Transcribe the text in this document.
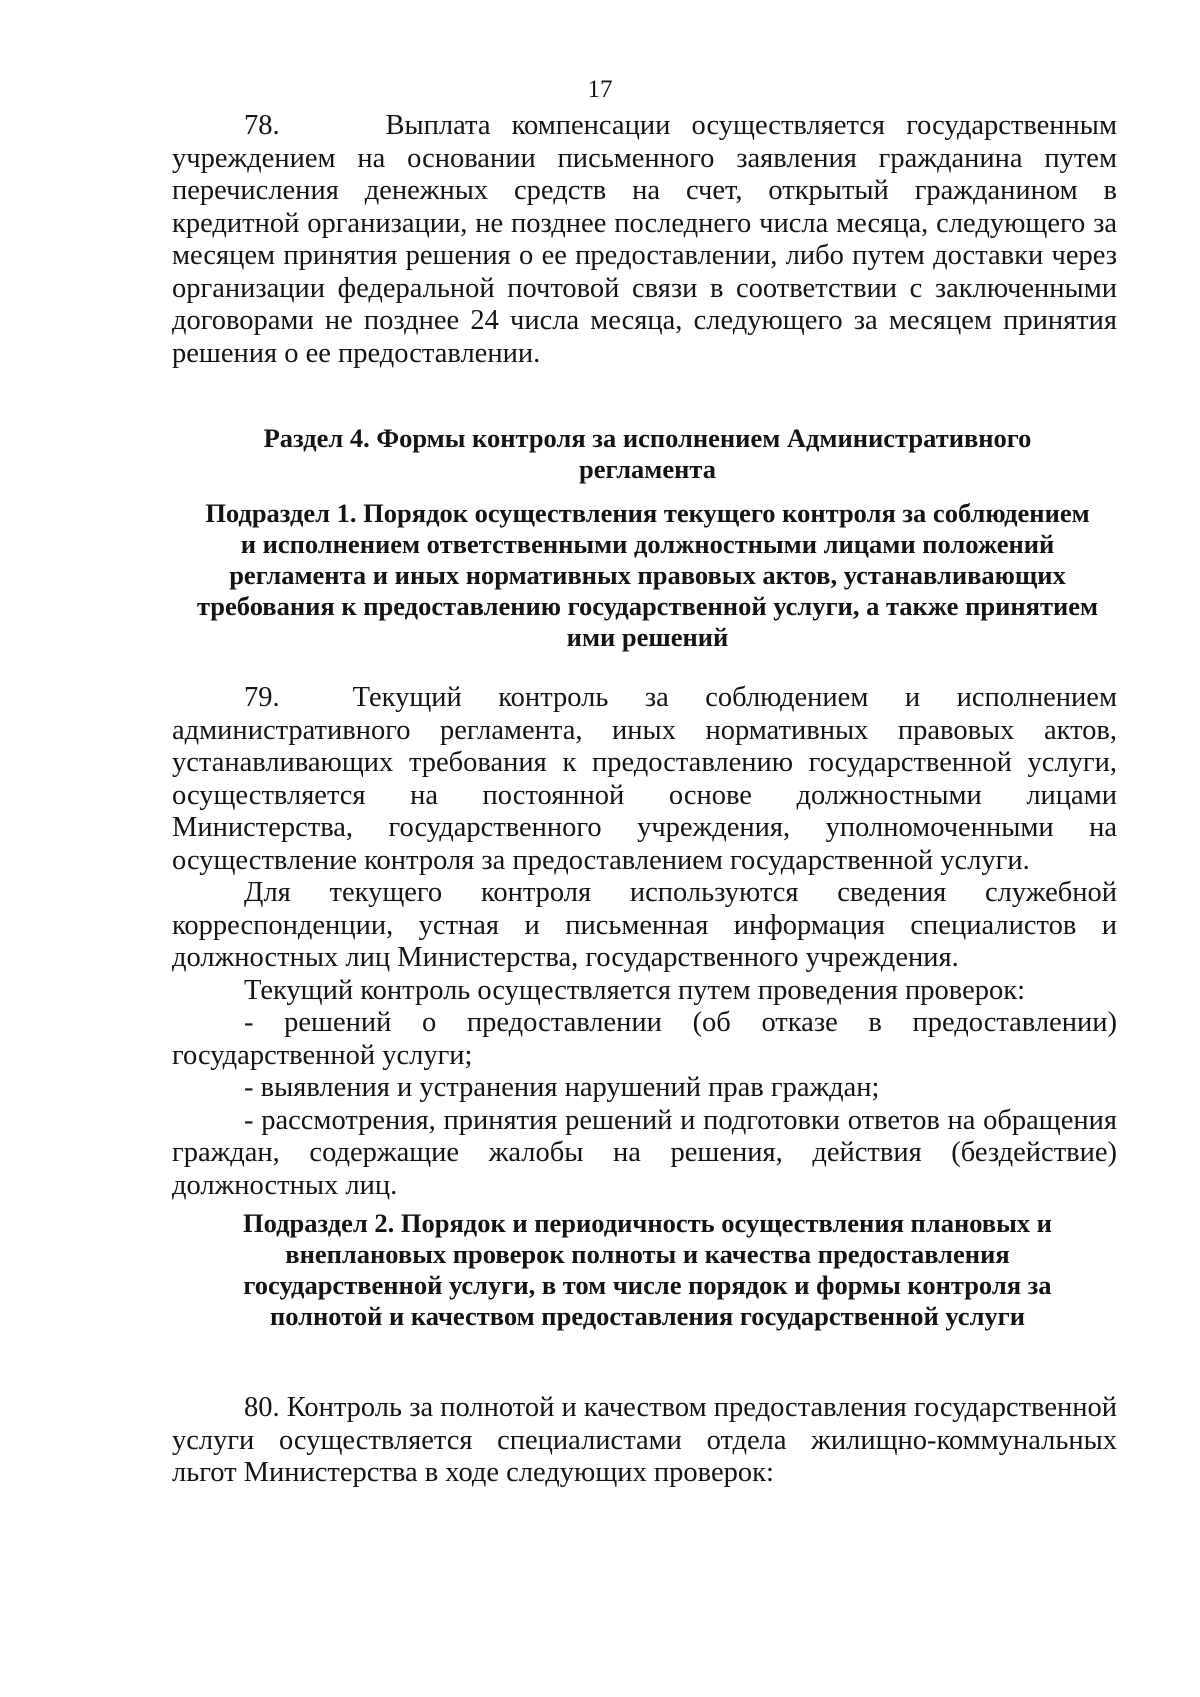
17

78.     Выплата компенсации осуществляется государственным учреждением на основании письменного заявления гражданина путем перечисления денежных средств на счет, открытый гражданином в кредитной организации, не позднее последнего числа месяца, следующего за месяцем принятия решения о ее предоставлении, либо путем доставки через организации федеральной почтовой связи в соответствии с заключенными договорами не позднее 24 числа месяца, следующего за месяцем принятия решения о ее предоставлении.

Раздел 4. Формы контроля за исполнением Административного регламента

Подраздел 1. Порядок осуществления текущего контроля за соблюдением и исполнением ответственными должностными лицами положений регламента и иных нормативных правовых актов, устанавливающих требования к предоставлению государственной услуги, а также принятием ими решений

79.  Текущий контроль за соблюдением и исполнением административного регламента, иных нормативных правовых актов, устанавливающих требования к предоставлению государственной услуги, осуществляется на постоянной основе должностными лицами Министерства, государственного учреждения, уполномоченными на осуществление контроля за предоставлением государственной услуги.

Для текущего контроля используются сведения служебной корреспонденции, устная и письменная информация специалистов и должностных лиц Министерства, государственного учреждения.

Текущий контроль осуществляется путем проведения проверок:

- решений о предоставлении (об отказе в предоставлении) государственной услуги;

- выявления и устранения нарушений прав граждан;

- рассмотрения, принятия решений и подготовки ответов на обращения граждан, содержащие жалобы на решения, действия (бездействие) должностных лиц.

Подраздел 2. Порядок и периодичность осуществления плановых и внеплановых проверок полноты и качества предоставления государственной услуги, в том числе порядок и формы контроля за полнотой и качеством предоставления государственной услуги

80. Контроль за полнотой и качеством предоставления государственной услуги осуществляется специалистами отдела жилищно-коммунальных льгот Министерства в ходе следующих проверок:
